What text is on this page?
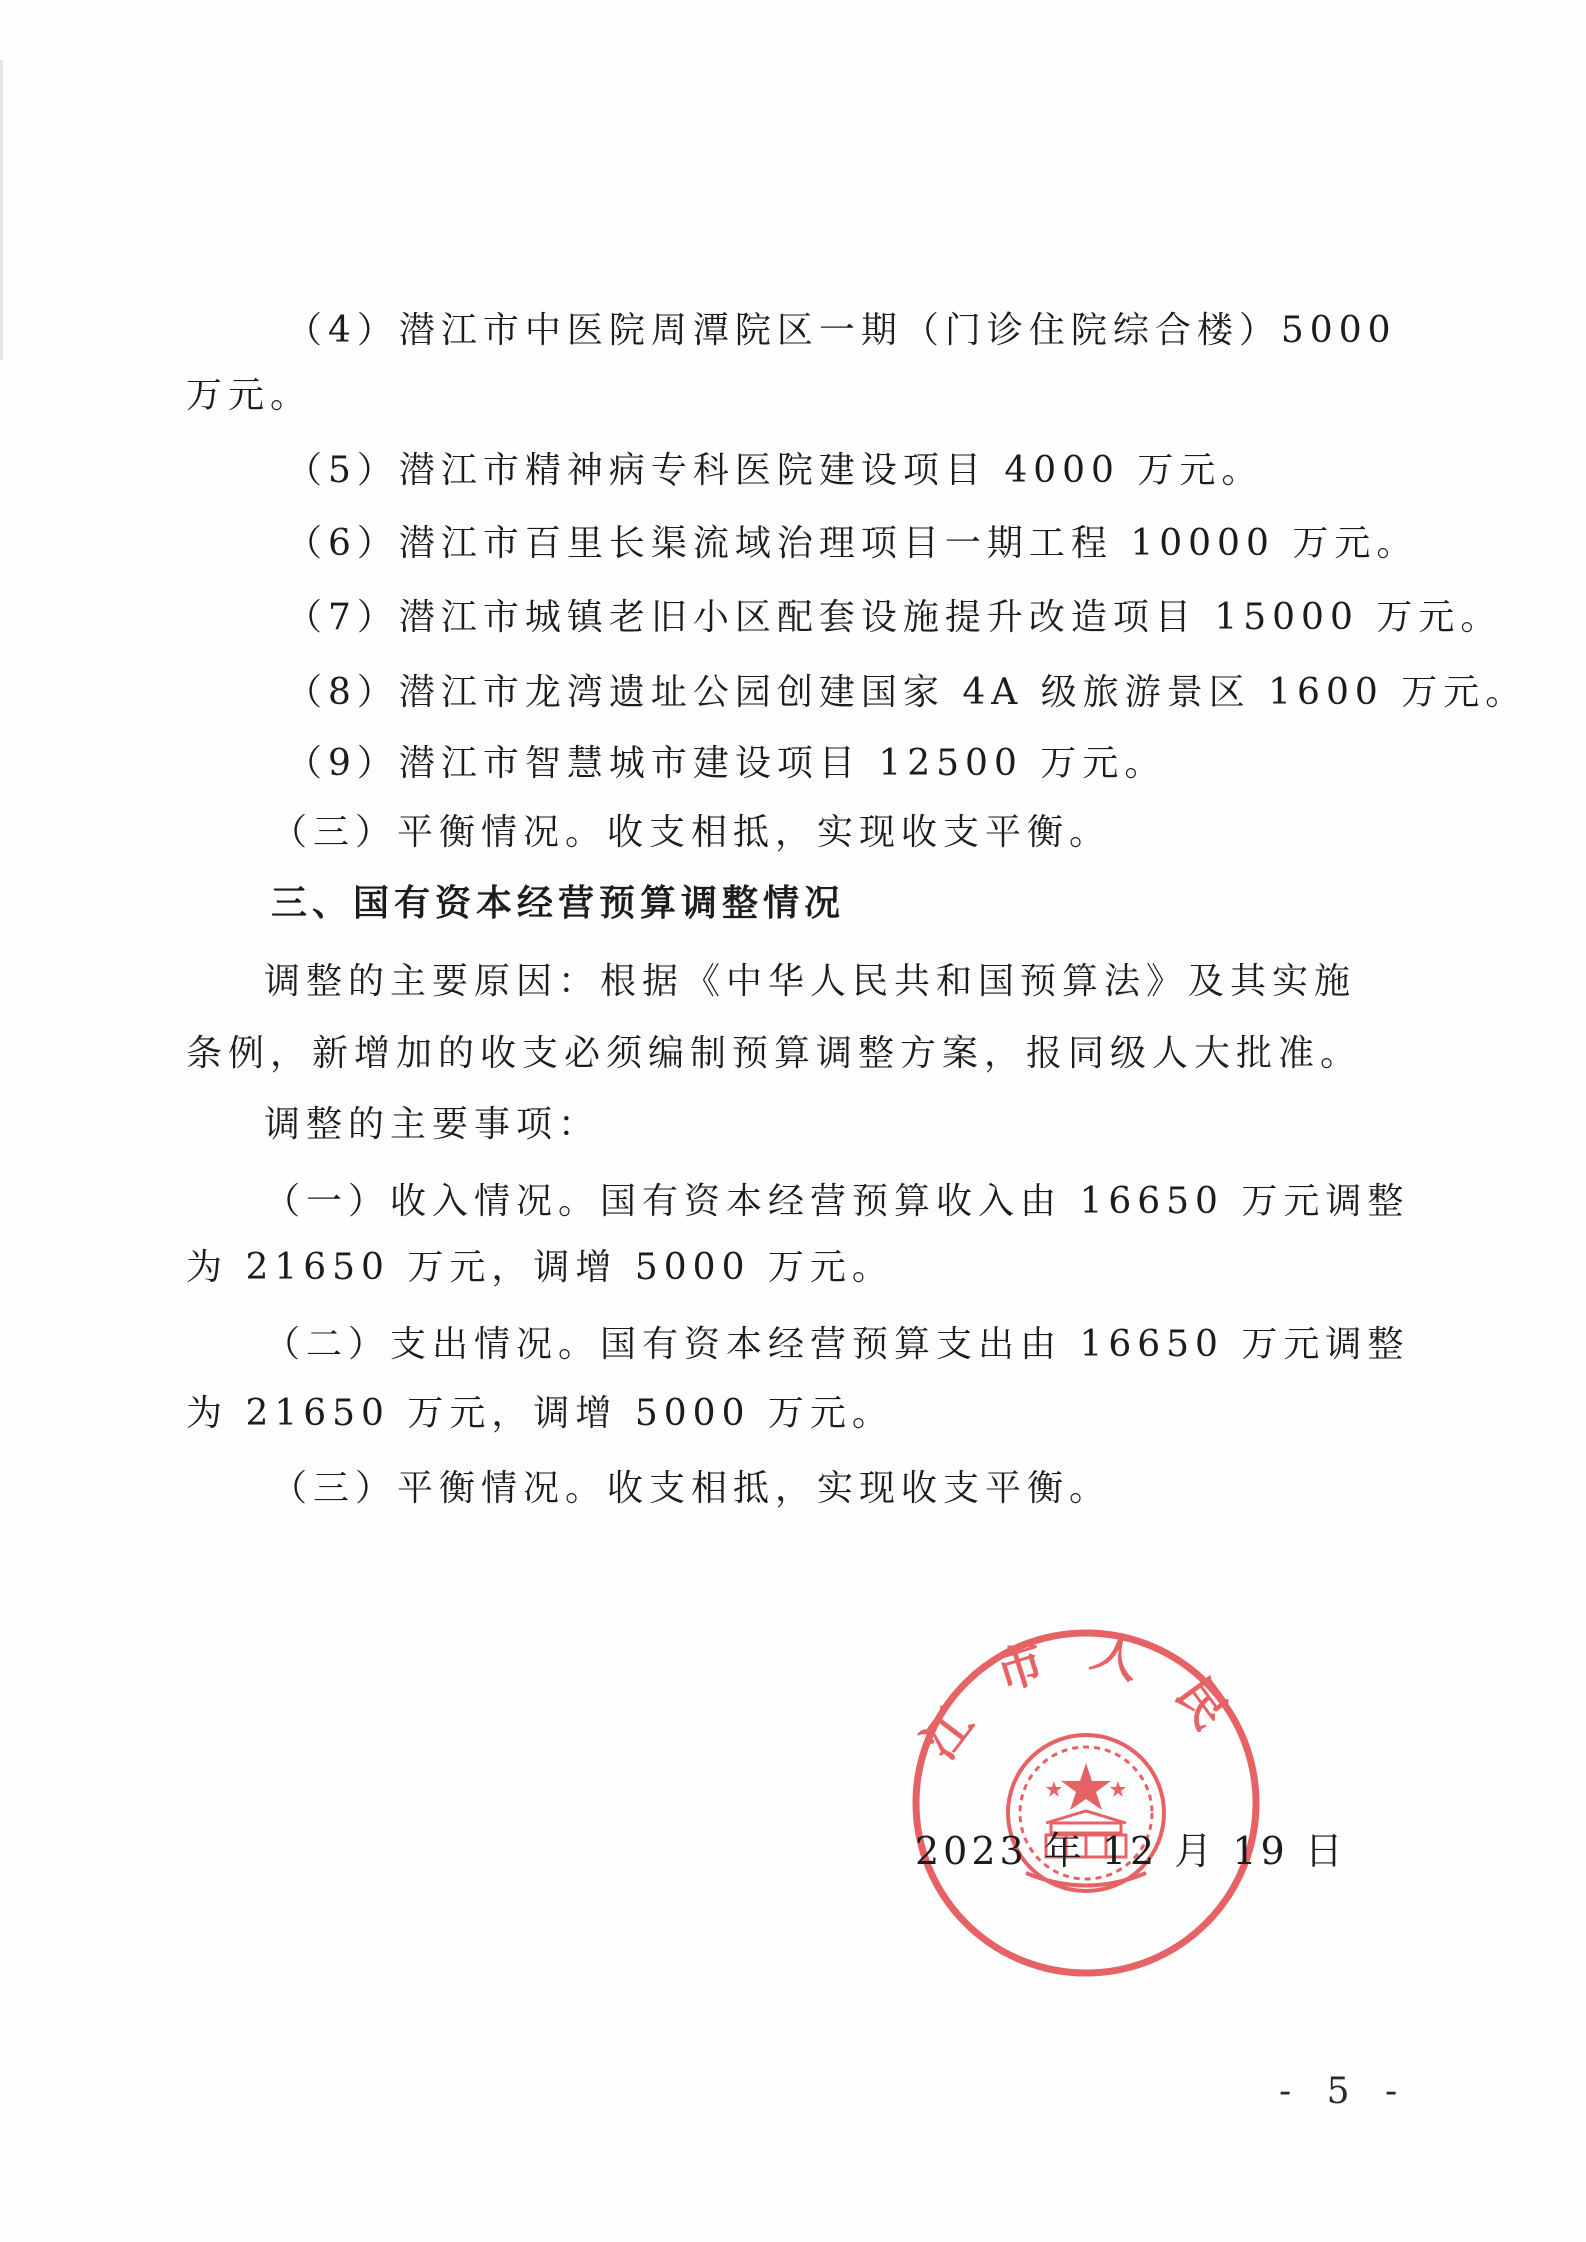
（4）潜江市中医院周潭院区一期（门诊住院综合楼）5000
万元。
（5）潜江市精神病专科医院建设项目 4000 万元。
（6）潜江市百里长渠流域治理项目一期工程 10000 万元。
（7）潜江市城镇老旧小区配套设施提升改造项目 15000 万元。
（8）潜江市龙湾遗址公园创建国家 4A 级旅游景区 1600 万元。
（9）潜江市智慧城市建设项目 12500 万元。
（三）平衡情况。收支相抵，实现收支平衡。
三、国有资本经营预算调整情况
调整的主要原因：根据《中华人民共和国预算法》及其实施
条例，新增加的收支必须编制预算调整方案，报同级人大批准。
调整的主要事项：
（一）收入情况。国有资本经营预算收入由 16650 万元调整
为 21650 万元，调增 5000 万元。
（二）支出情况。国有资本经营预算支出由 16650 万元调整
为 21650 万元，调增 5000 万元。
（三）平衡情况。收支相抵，实现收支平衡。
江市人民
2023 年 12 月 19 日
- 5 -
